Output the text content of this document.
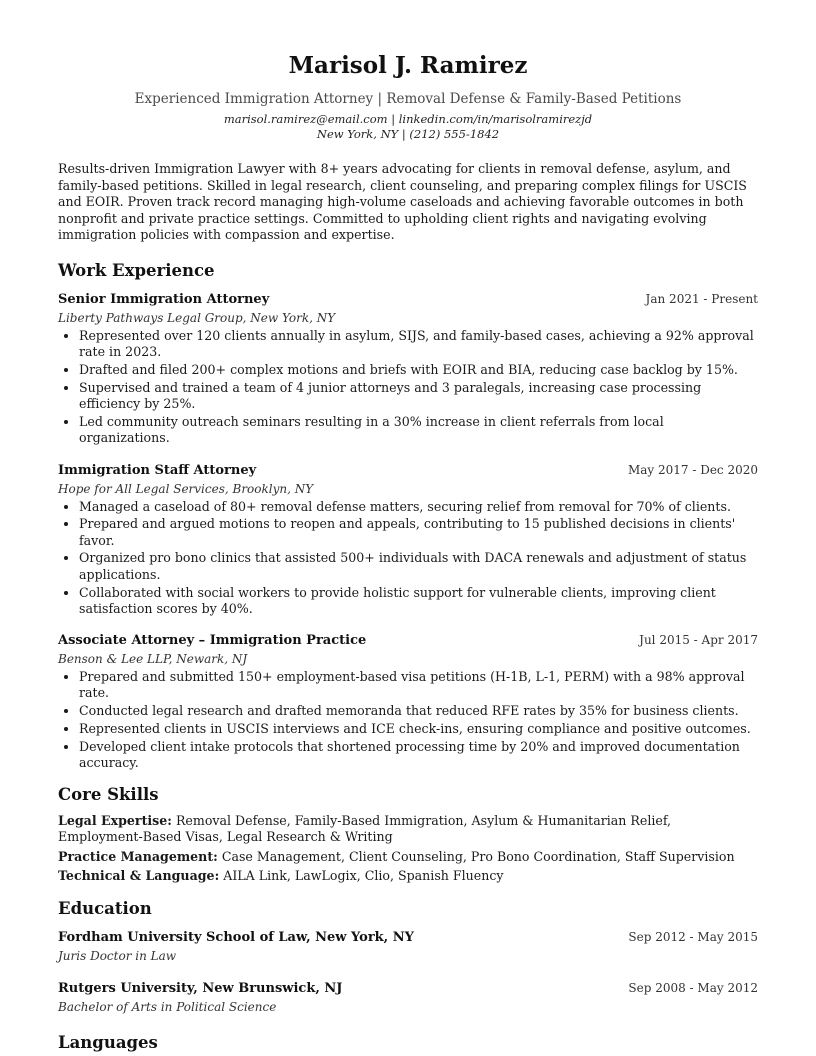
Marisol J. Ramirez
Experienced Immigration Attorney | Removal Defense & Family-Based Petitions
marisol.ramirez@email.com | linkedin.com/in/marisolramirezjd
New York, NY | (212) 555-1842
Results-driven Immigration Lawyer with 8+ years advocating for clients in removal defense, asylum, and family-based petitions. Skilled in legal research, client counseling, and preparing complex filings for USCIS and EOIR. Proven track record managing high-volume caseloads and achieving favorable outcomes in both nonprofit and private practice settings. Committed to upholding client rights and navigating evolving immigration policies with compassion and expertise.
Work Experience
Senior Immigration Attorney	Jan 2021 - Present
Liberty Pathways Legal Group, New York, NY
• Represented over 120 clients annually in asylum, SIJS, and family-based cases, achieving a 92% approval rate in 2023.
• Drafted and filed 200+ complex motions and briefs with EOIR and BIA, reducing case backlog by 15%.
• Supervised and trained a team of 4 junior attorneys and 3 paralegals, increasing case processing efficiency by 25%.
• Led community outreach seminars resulting in a 30% increase in client referrals from local organizations.
Immigration Staff Attorney	May 2017 - Dec 2020
Hope for All Legal Services, Brooklyn, NY
• Managed a caseload of 80+ removal defense matters, securing relief from removal for 70% of clients.
• Prepared and argued motions to reopen and appeals, contributing to 15 published decisions in clients' favor.
• Organized pro bono clinics that assisted 500+ individuals with DACA renewals and adjustment of status applications.
• Collaborated with social workers to provide holistic support for vulnerable clients, improving client satisfaction scores by 40%.
Associate Attorney – Immigration Practice	Jul 2015 - Apr 2017
Benson & Lee LLP, Newark, NJ
• Prepared and submitted 150+ employment-based visa petitions (H-1B, L-1, PERM) with a 98% approval rate.
• Conducted legal research and drafted memoranda that reduced RFE rates by 35% for business clients.
• Represented clients in USCIS interviews and ICE check-ins, ensuring compliance and positive outcomes.
• Developed client intake protocols that shortened processing time by 20% and improved documentation accuracy.
Core Skills
Legal Expertise: Removal Defense, Family-Based Immigration, Asylum & Humanitarian Relief, Employment-Based Visas, Legal Research & Writing
Practice Management: Case Management, Client Counseling, Pro Bono Coordination, Staff Supervision
Technical & Language: AILA Link, LawLogix, Clio, Spanish Fluency
Education
Fordham University School of Law, New York, NY	Sep 2012 - May 2015
Juris Doctor in Law
Rutgers University, New Brunswick, NJ	Sep 2008 - May 2012
Bachelor of Arts in Political Science
Languages
